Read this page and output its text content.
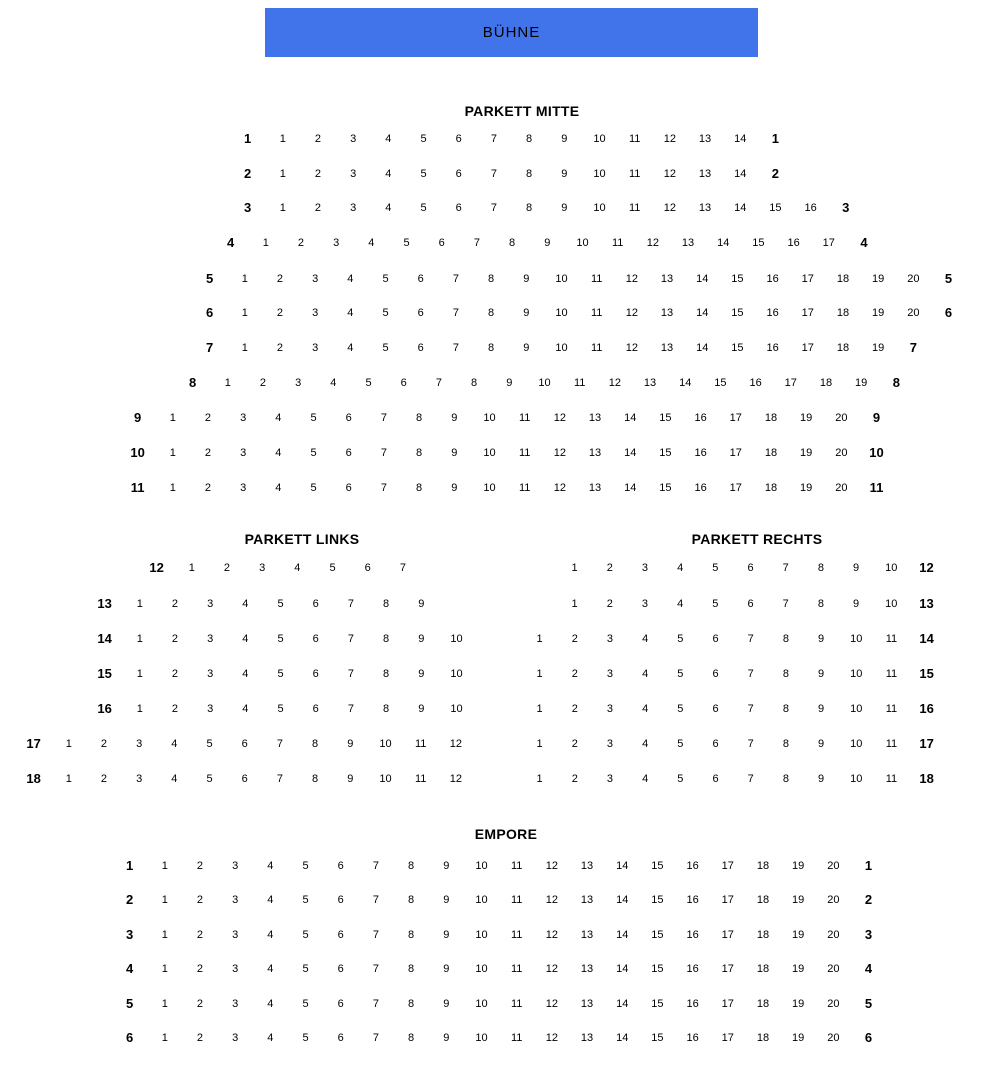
BÜHNE
PARKETT MITTE
PARKETT LINKS	PARKETT RECHTS
EMPORE
1	1	2	3	4	5	6	7	8	9	10	11	12	13	14	1
2	1	2	3	4	5	6	7	8	9	10	11	12	13	14	2
3	1	2	3	4	5	6	7	8	9	10	11	12	13	14	15	16	3
4	1	2	3	4	5	6	7	8	9	10	11	12	13	14	15	16	17	4
5	1	2	3	4	5	6	7	8	9	10	11	12	13	14	15	16	17	18	19	20	5
6	1	2	3	4	5	6	7	8	9	10	11	12	13	14	15	16	17	18	19	20	6
7	1	2	3	4	5	6	7	8	9	10	11	12	13	14	15	16	17	18	19	7
8	1	2	3	4	5	6	7	8	9	10	11	12	13	14	15	16	17	18	19	8
9	1	2	3	4	5	6	7	8	9	10	11	12	13	14	15	16	17	18	19	20	9
10	1	2	3	4	5	6	7	8	9	10	11	12	13	14	15	16	17	18	19	20	10
11	1	2	3	4	5	6	7	8	9	10	11	12	13	14	15	16	17	18	19	20	11
12	1	2	3	4	5	6	7
13	1	2	3	4	5	6	7	8	9
14	1	2	3	4	5	6	7	8	9	10
15	1	2	3	4	5	6	7	8	9	10
16	1	2	3	4	5	6	7	8	9	10
17	1	2	3	4	5	6	7	8	9	10	11	12
18	1	2	3	4	5	6	7	8	9	10	11	12
1	2	3	4	5	6	7	8	9	10	12
1	2	3	4	5	6	7	8	9	10	13
1	2	3	4	5	6	7	8	9	10	11	14
1	2	3	4	5	6	7	8	9	10	11	15
1	2	3	4	5	6	7	8	9	10	11	16
1	2	3	4	5	6	7	8	9	10	11	17
1	2	3	4	5	6	7	8	9	10	11	18
1	1	2	3	4	5	6	7	8	9	10	11	12	13	14	15	16	17	18	19	20	1
2	1	2	3	4	5	6	7	8	9	10	11	12	13	14	15	16	17	18	19	20	2
3	1	2	3	4	5	6	7	8	9	10	11	12	13	14	15	16	17	18	19	20	3
4	1	2	3	4	5	6	7	8	9	10	11	12	13	14	15	16	17	18	19	20	4
5	1	2	3	4	5	6	7	8	9	10	11	12	13	14	15	16	17	18	19	20	5
6	1	2	3	4	5	6	7	8	9	10	11	12	13	14	15	16	17	18	19	20	6
